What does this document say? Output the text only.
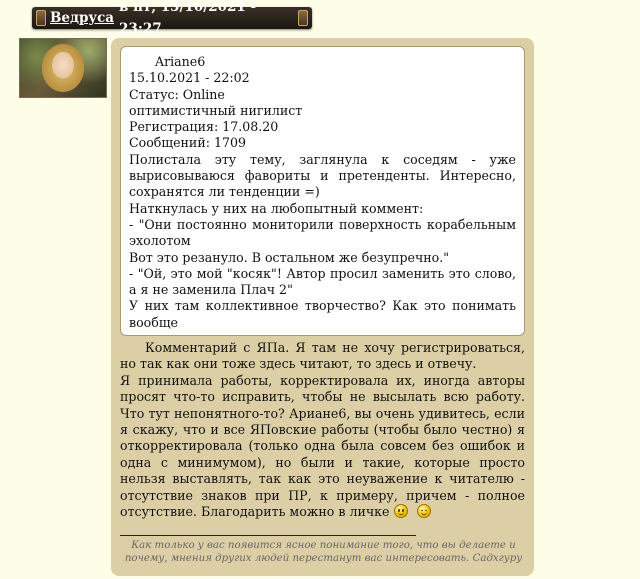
Ведруса
в пт, 15/10/2021 - 23:27

Ariane6

15.10.2021 - 22:02

Статус: Online

оптимистичный нигилист

Регистрация: 17.08.20

Сообщений: 1709

Полистала эту тему, заглянула к соседям - уже вырисовываюся фавориты и претенденты. Интересно, сохранятся ли тенденции =)

Наткнулась у них на любопытный коммент:

- "Они постоянно мониторили поверхность корабельным эхолотом

Вот это резануло. В остальном же безупречно."

- "Ой, это мой "косяк"! Автор просил заменить это слово, а я не заменила Плач 2"

У них там коллективное творчество? Как это понимать вообще

Комментарий с ЯПа. Я там не хочу регистрироваться, но так как они тоже здесь читают, то здесь и отвечу.

Я принимала работы, корректировала их, иногда авторы просят что-то исправить, чтобы не высылать всю работу. Что тут непонятного-то? Ариане6, вы очень удивитесь, если я скажу, что и все ЯПовские работы (чтобы было честно) я откорректировала (только одна была совсем без ошибок и одна с минимумом), но были и такие, которые просто нельзя выставлять, так как это неуважение к читателю - отсутствие знаков при ПР, к примеру, причем - полное отсутствие. Благодарить можно в личке

Как только у вас появится ясное понимание того, что вы делаете и почему, мнения других людей перестанут вас интересовать. Садхгуру
